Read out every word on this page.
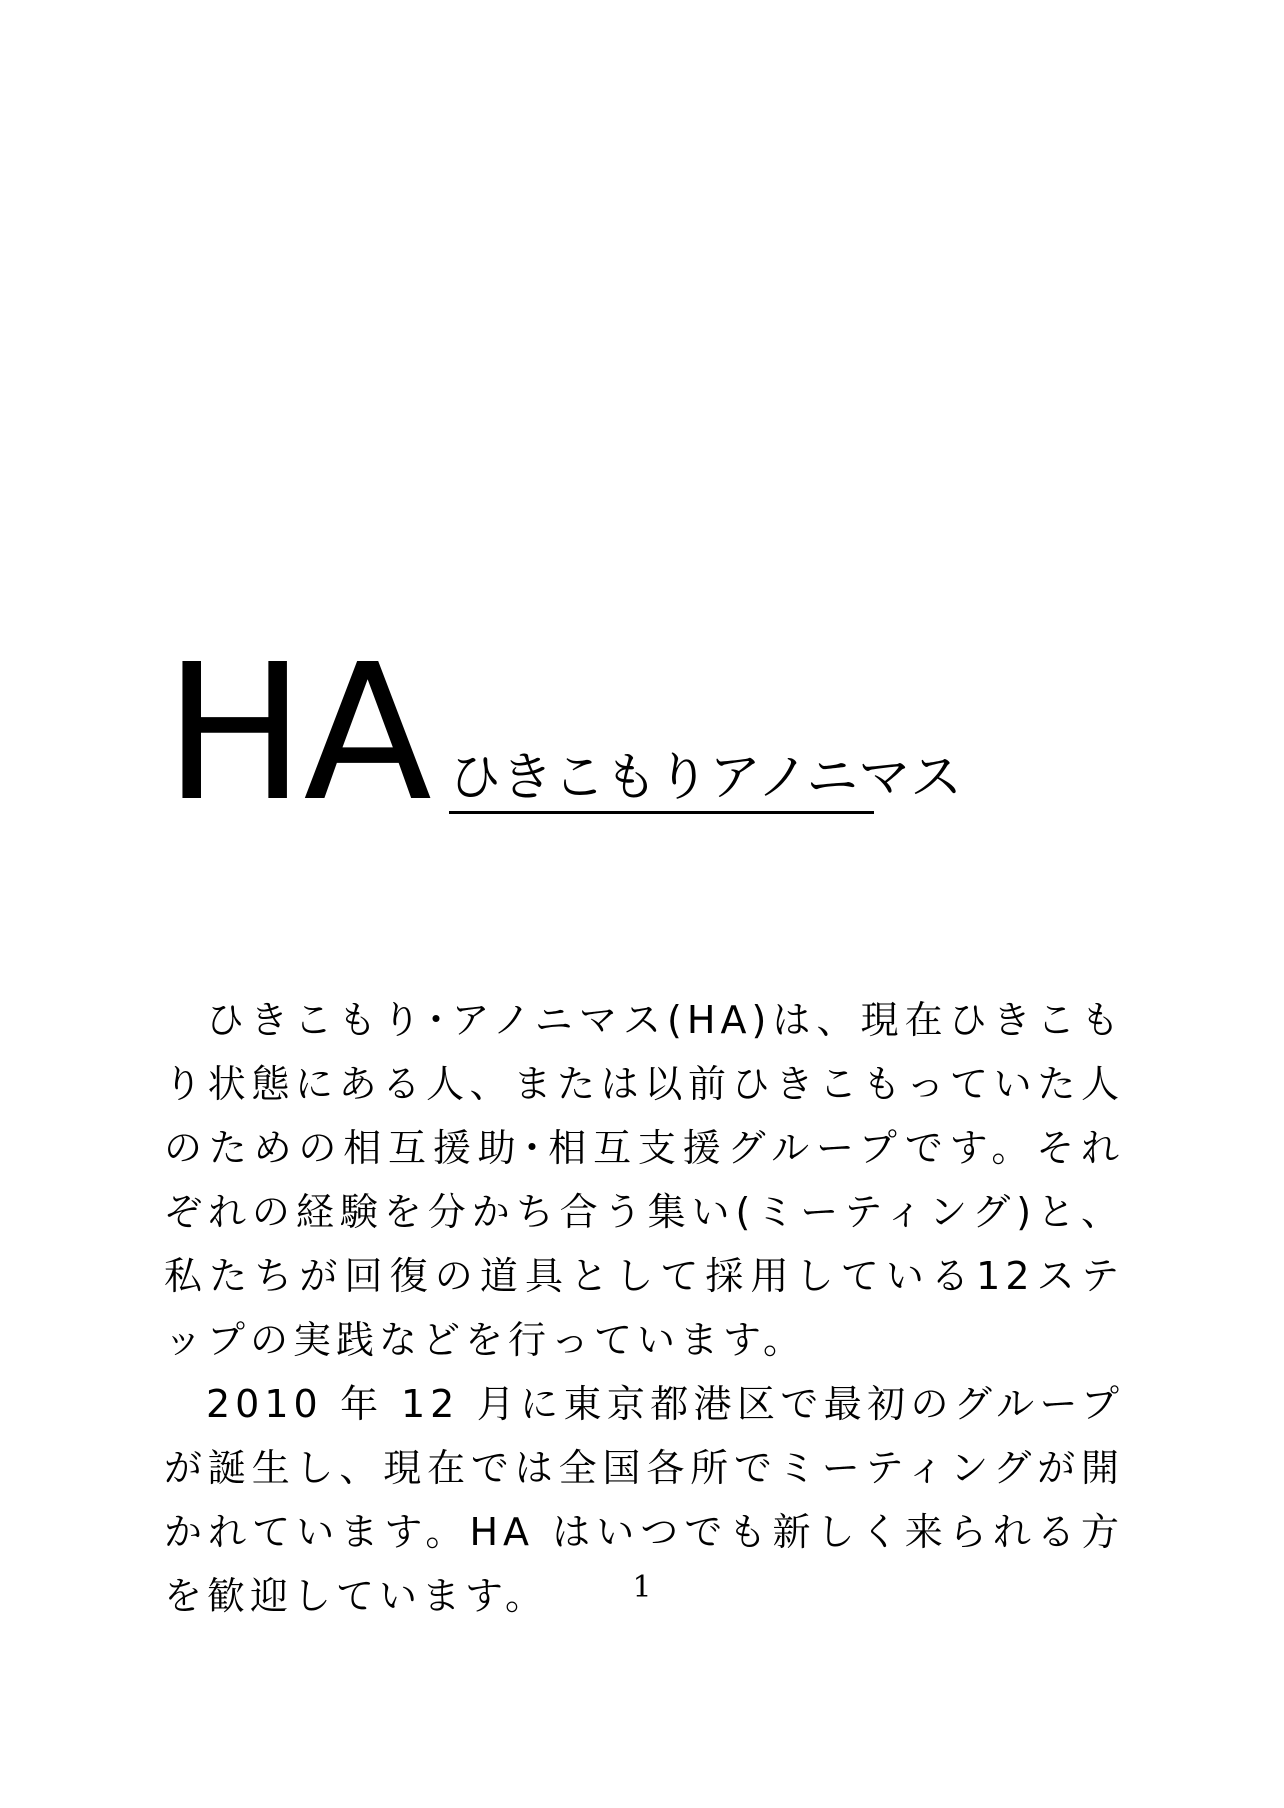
HA ひきこもりアノニマス

ひきこもり･アノニマス(HA)は、現在ひきこもり状態にある人、または以前ひきこもっていた人のための相互援助･相互支援グループです。それぞれの経験を分かち合う集い(ミーティング)と、私たちが回復の道具として採用している12ステップの実践などを行っています。

2010 年 12 月に東京都港区で最初のグループが誕生し、現在では全国各所でミーティングが開かれています。HA はいつでも新しく来られる方を歓迎しています。	1
